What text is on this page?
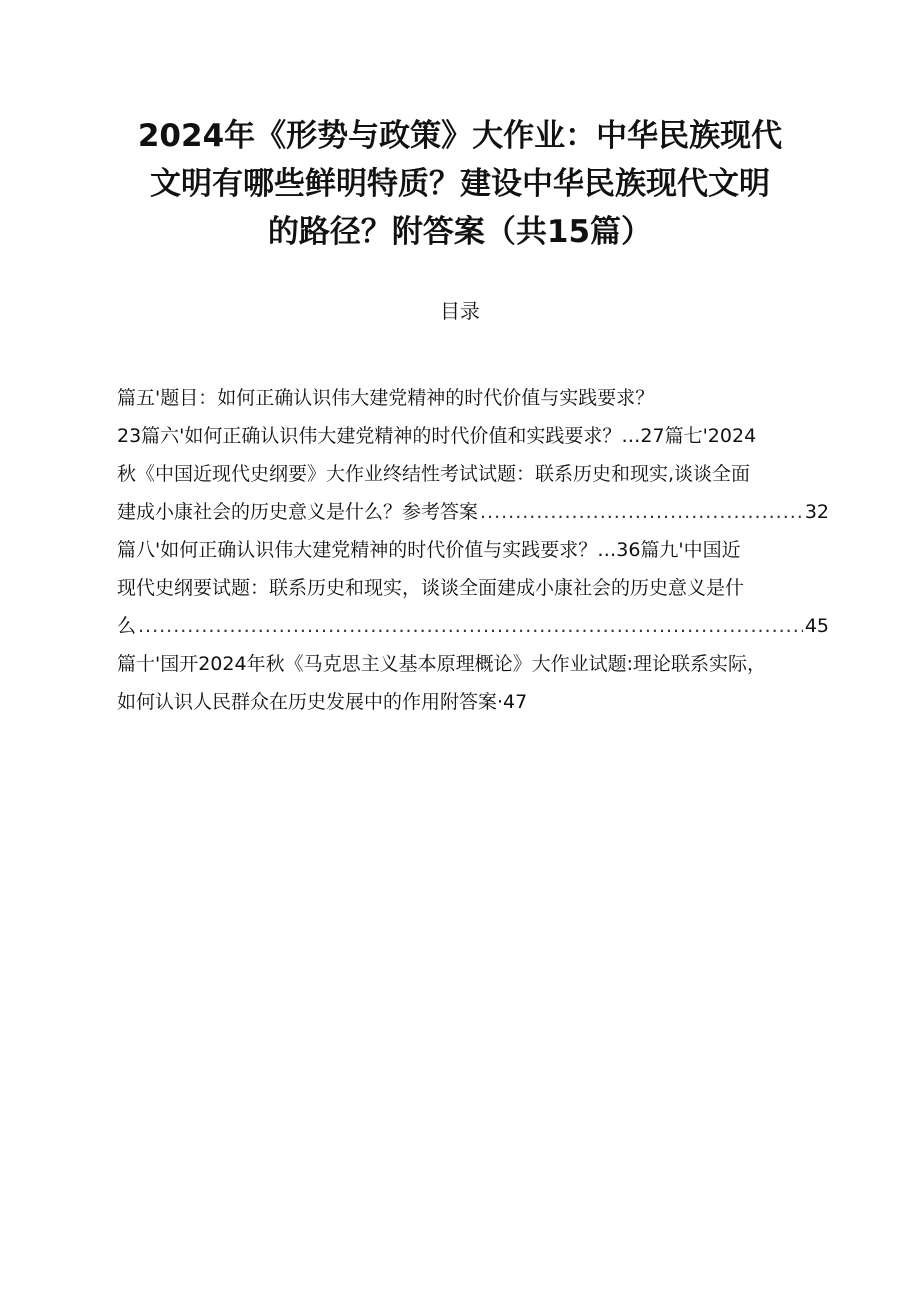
2024年《形势与政策》大作业：中华民族现代
文明有哪些鲜明特质？建设中华民族现代文明
的路径？附答案（共15篇）
目录
篇五'题目：如何正确认识伟大建党精神的时代价值与实践要求？
23篇六'如何正确认识伟大建党精神的时代价值和实践要求？…27篇七'2024
秋《中国近现代史纲要》大作业终结性考试试题：联系历史和现实,谈谈全面
建成小康社会的历史意义是什么？参考答案 .....	32
篇八'如何正确认识伟大建党精神的时代价值与实践要求？…36篇九'中国近
现代史纲要试题：联系历史和现实，谈谈全面建成小康社会的历史意义是什
么 .....	45
篇十'国开2024年秋《马克思主义基本原理概论》大作业试题:理论联系实际，
如何认识人民群众在历史发展中的作用附答案·47
